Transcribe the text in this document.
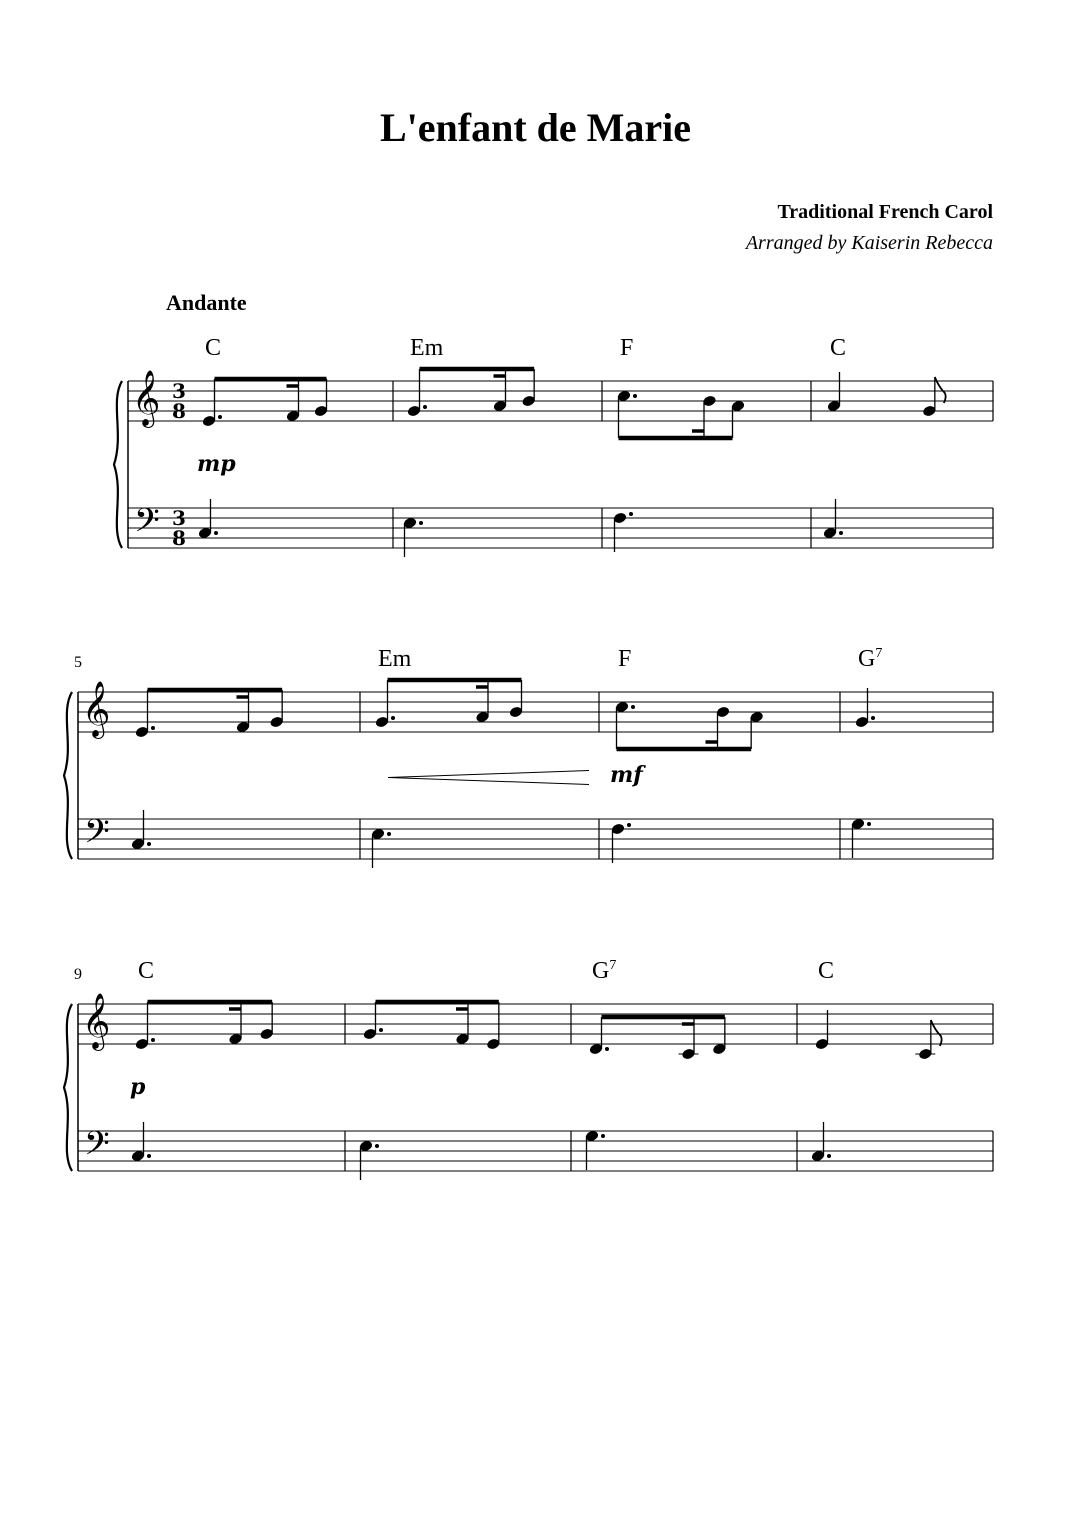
L'enfant de Marie
Traditional French Carol
Arranged by Kaiserin Rebecca
Andante
𝄞
𝄢
3
8
3
8
𝄞
𝄢
𝄞
𝄢
C	Em	F	C
mp
5	Em	F	$G^7$
mf
9 C	$G^7$	C
p
